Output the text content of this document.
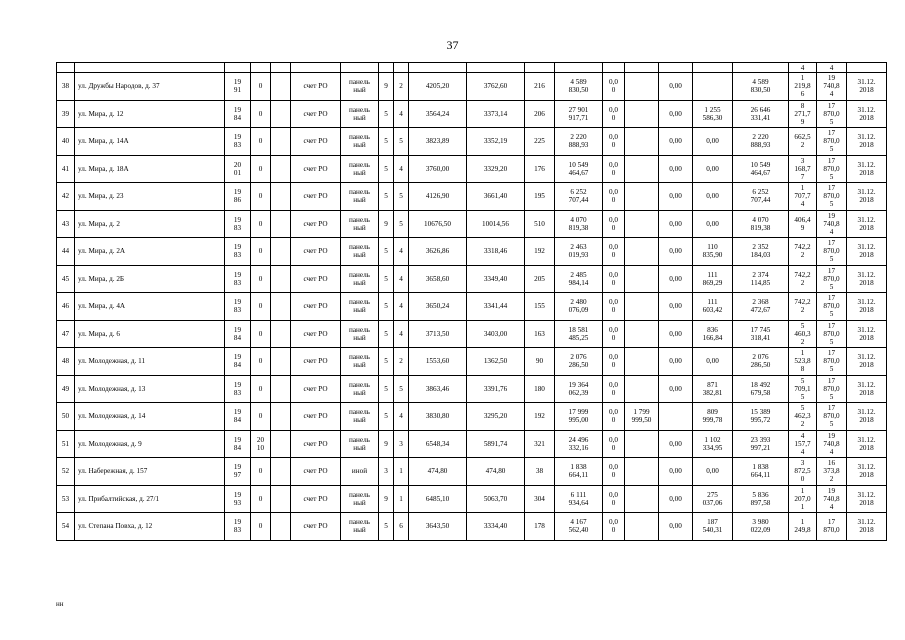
37
																		4	4	
38	ул. Дружбы Народов, д. 37	19
91	0		счет РО	панель
ный	9	2	4205,20	3762,60	216	4 589
830,50	0,0
0		0,00		4 589
830,50	1
219,8
6	19
740,8
4	31.12.
2018

39	ул. Мира, д. 12	19
84	0		счет РО	панель
ный	5	4	3564,24	3373,14	206	27 901
917,71	0,0
0		0,00	1 255
586,30	26 646
331,41	8
271,7
9	17
870,0
5	31.12.
2018

40	ул. Мира, д. 14А	19
83	0		счет РО	панель
ный	5	5	3823,89	3352,19	225	2 220
888,93	0,0
0		0,00	0,00	2 220
888,93	662,5
2	17
870,0
5	31.12.
2018

41	ул. Мира, д. 18А	20
01	0		счет РО	панель
ный	5	4	3760,00	3329,20	176	10 549
464,67	0,0
0		0,00	0,00	10 549
464,67	3
168,7
7	17
870,0
5	31.12.
2018

42	ул. Мира, д. 23	19
86	0		счет РО	панель
ный	5	5	4126,90	3661,40	195	6 252
707,44	0,0
0		0,00	0,00	6 252
707,44	1
707,7
4	17
870,0
5	31.12.
2018

43	ул. Мира, д. 2	19
83	0		счет РО	панель
ный	9	5	10676,50	10014,56	510	4 070
819,38	0,0
0		0,00	0,00	4 070
819,38	406,4
9	19
740,8
4	31.12.
2018

44	ул. Мира, д. 2А	19
83	0		счет РО	панель
ный	5	4	3626,86	3318,46	192	2 463
019,93	0,0
0		0,00	110
835,90	2 352
184,03	742,2
2	17
870,0
5	31.12.
2018

45	ул. Мира, д. 2Б	19
83	0		счет РО	панель
ный	5	4	3658,60	3349,40	205	2 485
984,14	0,0
0		0,00	111
869,29	2 374
114,85	742,2
2	17
870,0
5	31.12.
2018

46	ул. Мира, д. 4А	19
83	0		счет РО	панель
ный	5	4	3650,24	3341,44	155	2 480
076,09	0,0
0		0,00	111
603,42	2 368
472,67	742,2
2	17
870,0
5	31.12.
2018

47	ул. Мира, д. 6	19
84	0		счет РО	панель
ный	5	4	3713,50	3403,00	163	18 581
485,25	0,0
0		0,00	836
166,84	17 745
318,41	5
460,3
2	17
870,0
5	31.12.
2018

48	ул. Молодежная, д. 11	19
84	0		счет РО	панель
ный	5	2	1553,60	1362,50	90	2 076
286,50	0,0
0		0,00	0,00	2 076
286,50	1
523,8
8	17
870,0
5	31.12.
2018

49	ул. Молодежная, д. 13	19
83	0		счет РО	панель
ный	5	5	3863,46	3391,76	180	19 364
062,39	0,0
0		0,00	871
382,81	18 492
679,58	5
709,1
5	17
870,0
5	31.12.
2018

50	ул. Молодежная, д. 14	19
84	0		счет РО	панель
ный	5	4	3830,80	3295,20	192	17 999
995,00	0,0
0	1 799
999,50		809
999,78	15 389
995,72	5
462,3
2	17
870,0
5	31.12.
2018

51	ул. Молодежная, д. 9	19
84	20
10		счет РО	панель
ный	9	3	6548,34	5891,74	321	24 496
332,16	0,0
0		0,00	1 102
334,95	23 393
997,21	4
157,7
4	19
740,8
4	31.12.
2018

52	ул. Набережная, д. 157	19
97	0		счет РО	иной	3	1	474,80	474,80	38	1 838
664,11	0,0
0		0,00	0,00	1 838
664,11	3
872,5
0	16
373,8
2	31.12.
2018

53	ул. Прибалтийская, д. 27/1	19
93	0		счет РО	панель
ный	9	1	6485,10	5063,70	304	6 111
934,64	0,0
0		0,00	275
037,06	5 836
897,58	1
207,0
1	19
740,8
4	31.12.
2018

54	ул. Степана Повха, д. 12	19
83	0		счет РО	панель
ный	5	6	3643,50	3334,40	178	4 167
562,40	0,0
0		0,00	187
540,31	3 980
022,09	1
249,8	17
870,0	31.12.
2018
нн
